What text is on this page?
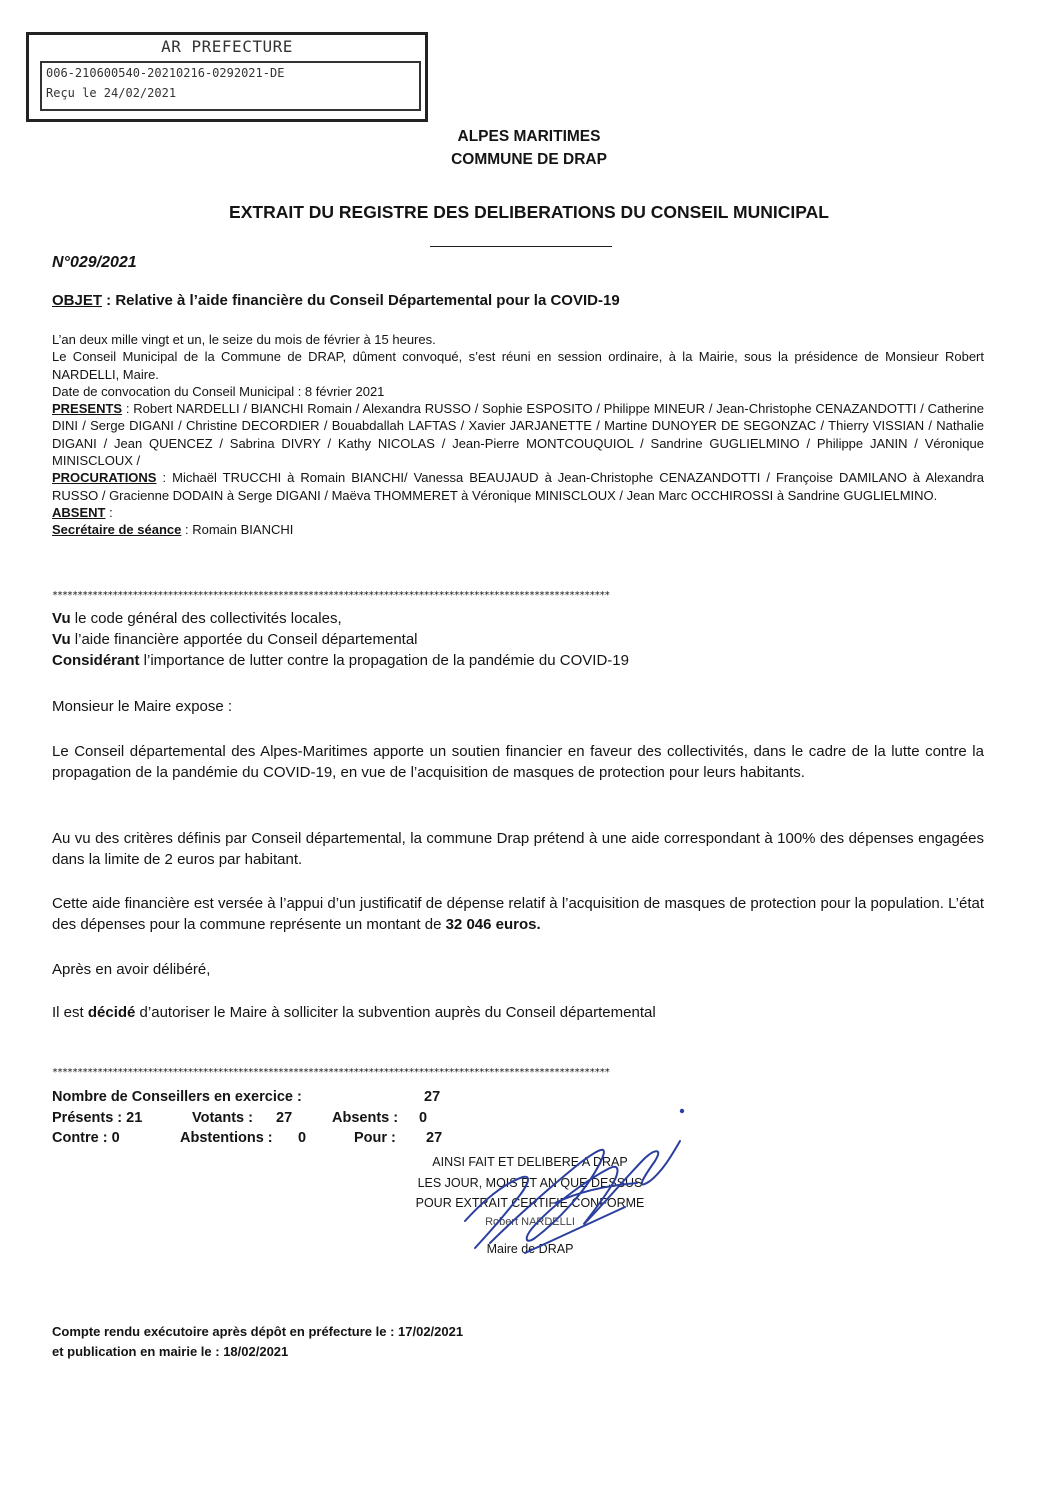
AR PREFECTURE
006-210600540-20210216-0292021-DE
Reçu le 24/02/2021
ALPES MARITIMES
COMMUNE DE DRAP
EXTRAIT DU REGISTRE DES DELIBERATIONS DU CONSEIL MUNICIPAL
N°029/2021
OBJET : Relative à l’aide financière du Conseil Départemental pour la COVID-19

L’an deux mille vingt et un, le seize du mois de février à 15 heures.

Le Conseil Municipal de la Commune de DRAP, dûment convoqué, s’est réuni en session ordinaire, à la Mairie, sous la présidence de Monsieur Robert NARDELLI, Maire.

Date de convocation du Conseil Municipal : 8 février 2021

PRESENTS : Robert NARDELLI / BIANCHI Romain / Alexandra RUSSO / Sophie ESPOSITO / Philippe MINEUR / Jean-Christophe CENAZANDOTTI / Catherine DINI / Serge DIGANI / Christine DECORDIER / Bouabdallah LAFTAS / Xavier JARJANETTE / Martine DUNOYER DE SEGONZAC / Thierry VISSIAN / Nathalie DIGANI / Jean QUENCEZ / Sabrina DIVRY / Kathy NICOLAS / Jean-Pierre MONTCOUQUIOL / Sandrine GUGLIELMINO / Philippe JANIN / Véronique MINISCLOUX /

PROCURATIONS : Michaël TRUCCHI à Romain BIANCHI/ Vanessa BEAUJAUD à Jean-Christophe CENAZANDOTTI / Françoise DAMILANO à Alexandra RUSSO / Gracienne DODAIN à Serge DIGANI / Maëva THOMMERET à Véronique MINISCLOUX / Jean Marc OCCHIROSSI à Sandrine GUGLIELMINO.

ABSENT :

Secrétaire de séance : Romain BIANCHI

***************************************************************************************************************

Vu le code général des collectivités locales,

Vu l’aide financière apportée du Conseil départemental

Considérant l’importance de lutter contre la propagation de la pandémie du COVID-19

Monsieur le Maire expose :
Le Conseil départemental des Alpes-Maritimes apporte un soutien financier en faveur des collectivités, dans le cadre de la lutte contre la propagation de la pandémie du COVID-19, en vue de l’acquisition de masques de protection pour leurs habitants.
Au vu des critères définis par Conseil départemental, la commune Drap prétend à une aide correspondant à 100% des dépenses engagées dans la limite de 2 euros par habitant.
Cette aide financière est versée à l’appui d’un justificatif de dépense relatif à l’acquisition de masques de protection pour la population. L’état des dépenses pour la commune représente un montant de 32 046 euros.
Après en avoir délibéré,
Il est décidé d’autoriser le Maire à solliciter la subvention auprès du Conseil départemental
***************************************************************************************************************
Nombre de Conseillers en exercice :	27
Présents : 21	Votants : 27	Absents : 0
Contre : 0	Abstentions : 0	Pour : 27

AINSI FAIT ET DELIBERE A DRAP

LES JOUR, MOIS ET AN QUE DESSUS

POUR EXTRAIT CERTIFIE CONFORME

Robert NARDELLI

Maire de DRAP

Compte rendu exécutoire après dépôt en préfecture le : 17/02/2021

et publication en mairie le : 18/02/2021
